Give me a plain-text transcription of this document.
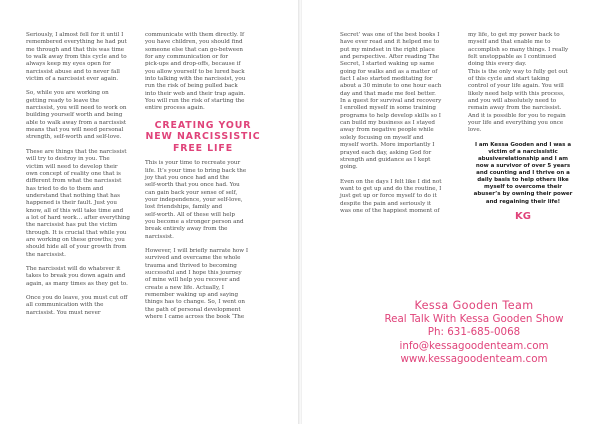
Seriously, I almost fell for it until I
remembered everything he had put
me through and that this was time
to walk away from this cycle and to
always keep my eyes open for
narcissist abuse and to never fall
victim of a narcissist ever again.

So, while you are working on
getting ready to leave the
narcissist, you will need to work on
building yourself worth and being
able to walk away from a narcissist
means that you will need personal
strength, self-worth and self-love.

These are things that the narcissist
will try to destroy in you. The
victim will need to develop their
own concept of reality one that is
different from what the narcissist
has tried to do to them and
understand that nothing that has
happened is their fault. Just you
know, all of this will take time and
a lot of hard work… after everything
the narcissist has put the victim
through. It is crucial that while you
are working on these growths; you
should hide all of your growth from
the narcissist.

The narcissist will do whatever it
takes to break you down again and
again, as many times as they get to.

Once you do leave, you must cut off
all communication with the
narcissist. You must never

communicate with them directly. If
you have children, you should find
someone else that can go-between
for any communication or for
pick-ups and drop-offs, because if
you allow yourself to be lured back
into talking with the narcissist, you
run the risk of being pulled back
into their web and their trap again.
You will run the risk of starting the
entire process again.

CREATING YOUR
NEW NARCISSISTIC
FREE LIFE

This is your time to recreate your
life. It’s your time to bring back the
joy that you once had and the
self-worth that you once had. You
can gain back your sense of self,
your independence, your self-love,
lost friendships, family and
self-worth. All of these will help
you become a stronger person and
break entirely away from the
narcissist.

However, I will briefly narrate how I
survived and overcame the whole
trauma and thrived to becoming
successful and I hope this journey
of mine will help you recover and
create a new life. Actually, I
remember waking up and saying
things has to change. So, I went on
the path of personal development
where I came across the book ‘The

Secret’ was one of the best books I
have ever read and it helped me to
put my mindset in the right place
and perspective. After reading The
Secret, I started waking up same
going for walks and as a matter of
fact I also started meditating for
about a 30 minute to one hour each
day and that made me feel better.
In a quest for survival and recovery
I enrolled myself in some training
programs to help develop skills so I
can build my business as I stayed
away from negative people while
solely focusing on myself and
myself worth. More importantly I
prayed each day, asking God for
strength and guidance as I kept
going.

Even on the days I felt like I did not
want to get up and do the routine, I
just get up or force myself to do it
despite the pain and seriously it
was one of the happiest moment of

my life, to get my power back to
myself and that enable me to
accomplish so many things. I really
felt unstoppable as I continued
doing this every day.
This is the only way to fully get out
of this cycle and start taking
control of your life again. You will
likely need help with this process,
and you will absolutely need to
remain away from the narcissist.
And it is possible for you to regain
your life and everything you once
love.

I am Kessa Gooden and I was a
victim of a narcissistic
abusiverelationship and I am
now a survivor of over 5 years
and counting and I thrive on a
daily basis to help others like
myself to overcome their
abuser’s by owning their power
and regaining their life!
KG
Kessa Gooden Team
Real Talk With Kessa Gooden Show
Ph: 631-685-0068
info@kessagoodenteam.com
www.kessagoodenteam.com
